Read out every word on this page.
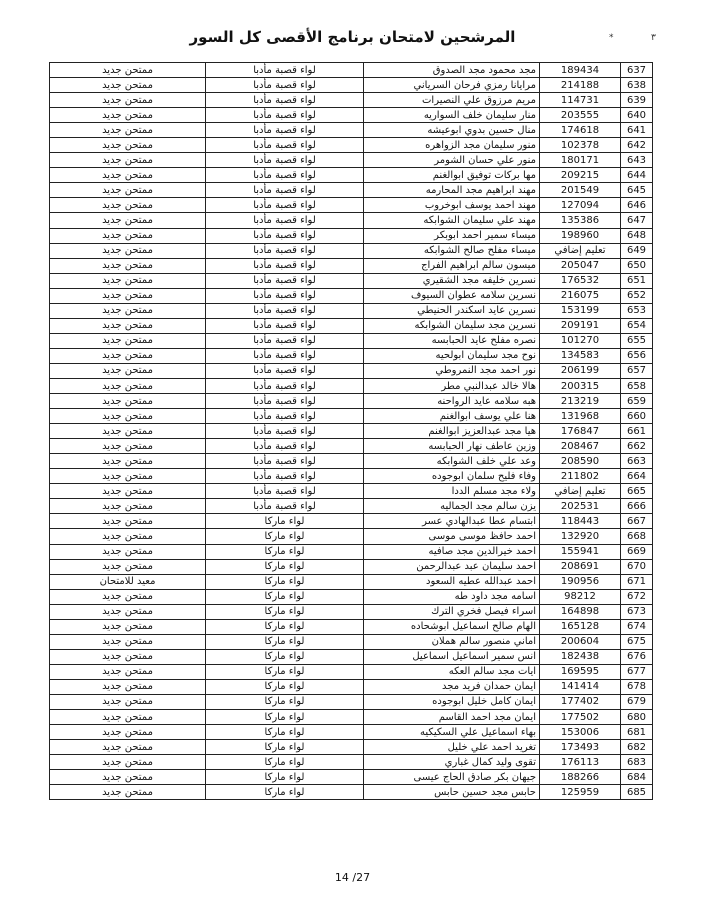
المرشحين لامتحان برنامج الأقصى كل السور	*	٣
637	189434	مجد محمود مجد الصدوق	لواء قصبة مأدبا	ممتحن جديد
638	214188	مرايانا رمزي فرحان السرياني	لواء قصبة مأدبا	ممتحن جديد
639	114731	مريم مرزوق علي النصيرات	لواء قصبة مأدبا	ممتحن جديد
640	203555	منار سليمان خلف السواريه	لواء قصبة مأدبا	ممتحن جديد
641	174618	منال حسين بدوي ابوعيشه	لواء قصبة مأدبا	ممتحن جديد
642	102378	منور سليمان مجد الزواهره	لواء قصبة مأدبا	ممتحن جديد
643	180171	منور علي حسان الشومر	لواء قصبة مأدبا	ممتحن جديد
644	209215	مها بركات توفيق ابوالغنم	لواء قصبة مأدبا	ممتحن جديد
645	201549	مهند ابراهيم مجد المحارمه	لواء قصبة مأدبا	ممتحن جديد
646	127094	مهند احمد يوسف ابوخروب	لواء قصبة مأدبا	ممتحن جديد
647	135386	مهند علي سليمان الشوابكه	لواء قصبة مأدبا	ممتحن جديد
648	198960	ميساء سمير احمد ابوبكر	لواء قصبة مأدبا	ممتحن جديد
649	تعليم إضافي	ميساء مفلح صالح الشوابكه	لواء قصبة مأدبا	ممتحن جديد
650	205047	ميسون سالم ابراهيم الفراج	لواء قصبة مأدبا	ممتحن جديد
651	176532	نسرين خليفه مجد الشقيري	لواء قصبة مأدبا	ممتحن جديد
652	216075	نسرين سلامه عطوان السيوف	لواء قصبة مأدبا	ممتحن جديد
653	153199	نسرين عايد اسكندر الحنيطي	لواء قصبة مأدبا	ممتحن جديد
654	209191	نسرين مجد سليمان الشوابكه	لواء قصبة مأدبا	ممتحن جديد
655	101270	نصره مفلح عايد الحبابسه	لواء قصبة مأدبا	ممتحن جديد
656	134583	نوح مجد سليمان ابولحيه	لواء قصبة مأدبا	ممتحن جديد
657	206199	نور احمد مجد النمروطي	لواء قصبة مأدبا	ممتحن جديد
658	200315	هالا خالد عبدالنبي مطر	لواء قصبة مأدبا	ممتحن جديد
659	213219	هبه سلامه عايد الرواحنه	لواء قصبة مأدبا	ممتحن جديد
660	131968	هنا علي يوسف ابوالغنم	لواء قصبة مأدبا	ممتحن جديد
661	176847	هيا مجد عبدالعزيز ابوالغنم	لواء قصبة مأدبا	ممتحن جديد
662	208467	وزين عاطف نهار الحبابسه	لواء قصبة مأدبا	ممتحن جديد
663	208590	وعد علي خلف الشوابكه	لواء قصبة مأدبا	ممتحن جديد
664	211802	وفاء فليح سلمان ابوجوده	لواء قصبة مأدبا	ممتحن جديد
665	تعليم إضافي	ولاء مجد مسلم الددا	لواء قصبة مأدبا	ممتحن جديد
666	202531	يزن سالم مجد الجماليه	لواء قصبة مأدبا	ممتحن جديد
667	118443	ابتسام عطا عبدالهادي عسر	لواء ماركا	ممتحن جديد
668	132920	احمد حافظ موسى موسى	لواء ماركا	ممتحن جديد
669	155941	احمد خيرالدين مجد صافيه	لواء ماركا	ممتحن جديد
670	208691	احمد سليمان عبد عبدالرحمن	لواء ماركا	ممتحن جديد
671	190956	احمد عبدالله عطيه السعود	لواء ماركا	معيد للامتحان
672	98212	اسامه مجد داود طه	لواء ماركا	ممتحن جديد
673	164898	اسراء فيصل فخري الترك	لواء ماركا	ممتحن جديد
674	165128	الهام صالح اسماعيل ابوشحاده	لواء ماركا	ممتحن جديد
675	200604	اماني منصور سالم هملان	لواء ماركا	ممتحن جديد
676	182438	انس سمير اسماعيل اسماعيل	لواء ماركا	ممتحن جديد
677	169595	ايات مجد سالم العكه	لواء ماركا	ممتحن جديد
678	141414	ايمان حمدان فريد مجد	لواء ماركا	ممتحن جديد
679	177402	ايمان كامل خليل ابوجوده	لواء ماركا	ممتحن جديد
680	177502	ايمان مجد احمد القاسم	لواء ماركا	ممتحن جديد
681	153006	بهاء اسماعيل علي السكيكيه	لواء ماركا	ممتحن جديد
682	173493	تغريد احمد علي خليل	لواء ماركا	ممتحن جديد
683	176113	تقوى وليد كمال غباري	لواء ماركا	ممتحن جديد
684	188266	جيهان بكر صادق الحاج عيسى	لواء ماركا	ممتحن جديد
685	125959	حابس مجد حسين حابس	لواء ماركا	ممتحن جديد
14 /27
